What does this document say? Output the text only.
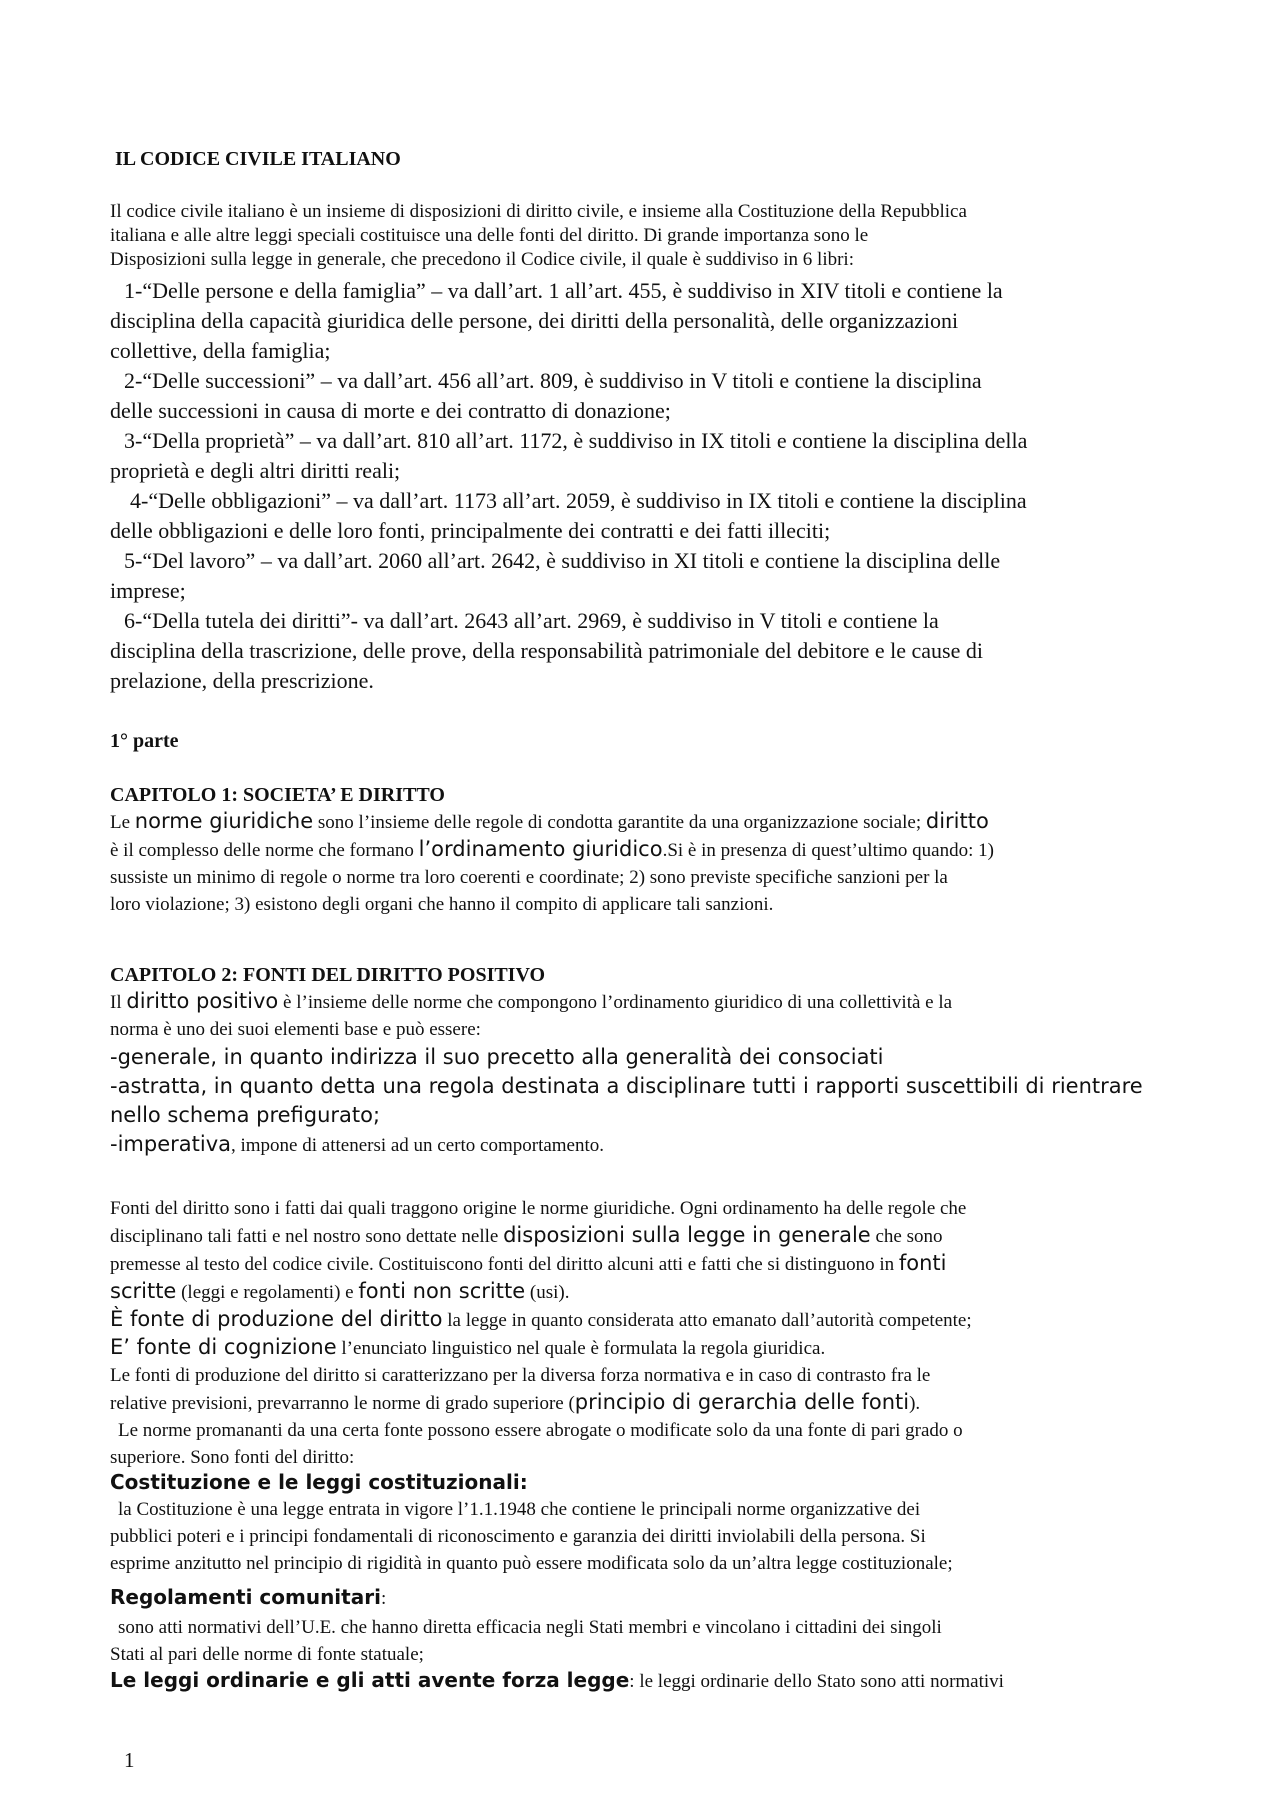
IL CODICE CIVILE ITALIANO

Il codice civile italiano è un insieme di disposizioni di diritto civile, e insieme alla Costituzione della Repubblica

italiana e alle altre leggi speciali costituisce una delle fonti del diritto. Di grande importanza sono le

Disposizioni sulla legge in generale, che precedono il Codice civile, il quale è suddiviso in 6 libri:

1-“Delle persone e della famiglia” – va dall’art. 1 all’art. 455, è suddiviso in XIV titoli e contiene la

disciplina della capacità giuridica delle persone, dei diritti della personalità, delle organizzazioni

collettive, della famiglia;

2-“Delle successioni” – va dall’art. 456 all’art. 809, è suddiviso in V titoli e contiene la disciplina

delle successioni in causa di morte e dei contratto di donazione;

3-“Della proprietà” – va dall’art. 810 all’art. 1172, è suddiviso in IX titoli e contiene la disciplina della

proprietà e degli altri diritti reali;

4-“Delle obbligazioni” – va dall’art. 1173 all’art. 2059, è suddiviso in IX titoli e contiene la disciplina

delle obbligazioni e delle loro fonti, principalmente dei contratti e dei fatti illeciti;

5-“Del lavoro” – va dall’art. 2060 all’art. 2642, è suddiviso in XI titoli e contiene la disciplina delle

imprese;

6-“Della tutela dei diritti”- va dall’art. 2643 all’art. 2969, è suddiviso in V titoli e contiene la

disciplina della trascrizione, delle prove, della responsabilità patrimoniale del debitore e le cause di

prelazione, della prescrizione.

1° parte

CAPITOLO 1: SOCIETA’ E DIRITTO

Le norme giuridiche sono l’insieme delle regole di condotta garantite da una organizzazione sociale; diritto

è il complesso delle norme che formano l’ordinamento giuridico.Si è in presenza di quest’ultimo quando: 1)

sussiste un minimo di regole o norme tra loro coerenti e coordinate; 2) sono previste specifiche sanzioni per la

loro violazione; 3) esistono degli organi che hanno il compito di applicare tali sanzioni.

CAPITOLO 2: FONTI DEL DIRITTO POSITIVO

Il diritto positivo è l’insieme delle norme che compongono l’ordinamento giuridico di una collettività e la

norma è uno dei suoi elementi base e può essere:

-generale, in quanto indirizza il suo precetto alla generalità dei consociati

-astratta, in quanto detta una regola destinata a disciplinare tutti i rapporti suscettibili di rientrare

nello schema prefigurato;

-imperativa, impone di attenersi ad un certo comportamento.

Fonti del diritto sono i fatti dai quali traggono origine le norme giuridiche. Ogni ordinamento ha delle regole che

disciplinano tali fatti e nel nostro sono dettate nelle disposizioni sulla legge in generale che sono

premesse al testo del codice civile. Costituiscono fonti del diritto alcuni atti e fatti che si distinguono in fonti

scritte (leggi e regolamenti) e fonti non scritte (usi).

È fonte di produzione del diritto la legge in quanto considerata atto emanato dall’autorità competente;

E’ fonte di cognizione l’enunciato linguistico nel quale è formulata la regola giuridica.

Le fonti di produzione del diritto si caratterizzano per la diversa forza normativa e in caso di contrasto fra le

relative previsioni, prevarranno le norme di grado superiore (principio di gerarchia delle fonti).

Le norme promananti da una certa fonte possono essere abrogate o modificate solo da una fonte di pari grado o

superiore. Sono fonti del diritto:

Costituzione e le leggi costituzionali:

la Costituzione è una legge entrata in vigore l’1.1.1948 che contiene le principali norme organizzative dei

pubblici poteri e i principi fondamentali di riconoscimento e garanzia dei diritti inviolabili della persona. Si

esprime anzitutto nel principio di rigidità in quanto può essere modificata solo da un’altra legge costituzionale;

Regolamenti comunitari:

sono atti normativi dell’U.E. che hanno diretta efficacia negli Stati membri e vincolano i cittadini dei singoli

Stati al pari delle norme di fonte statuale;

Le leggi ordinarie e gli atti avente forza legge: le leggi ordinarie dello Stato sono atti normativi

1
